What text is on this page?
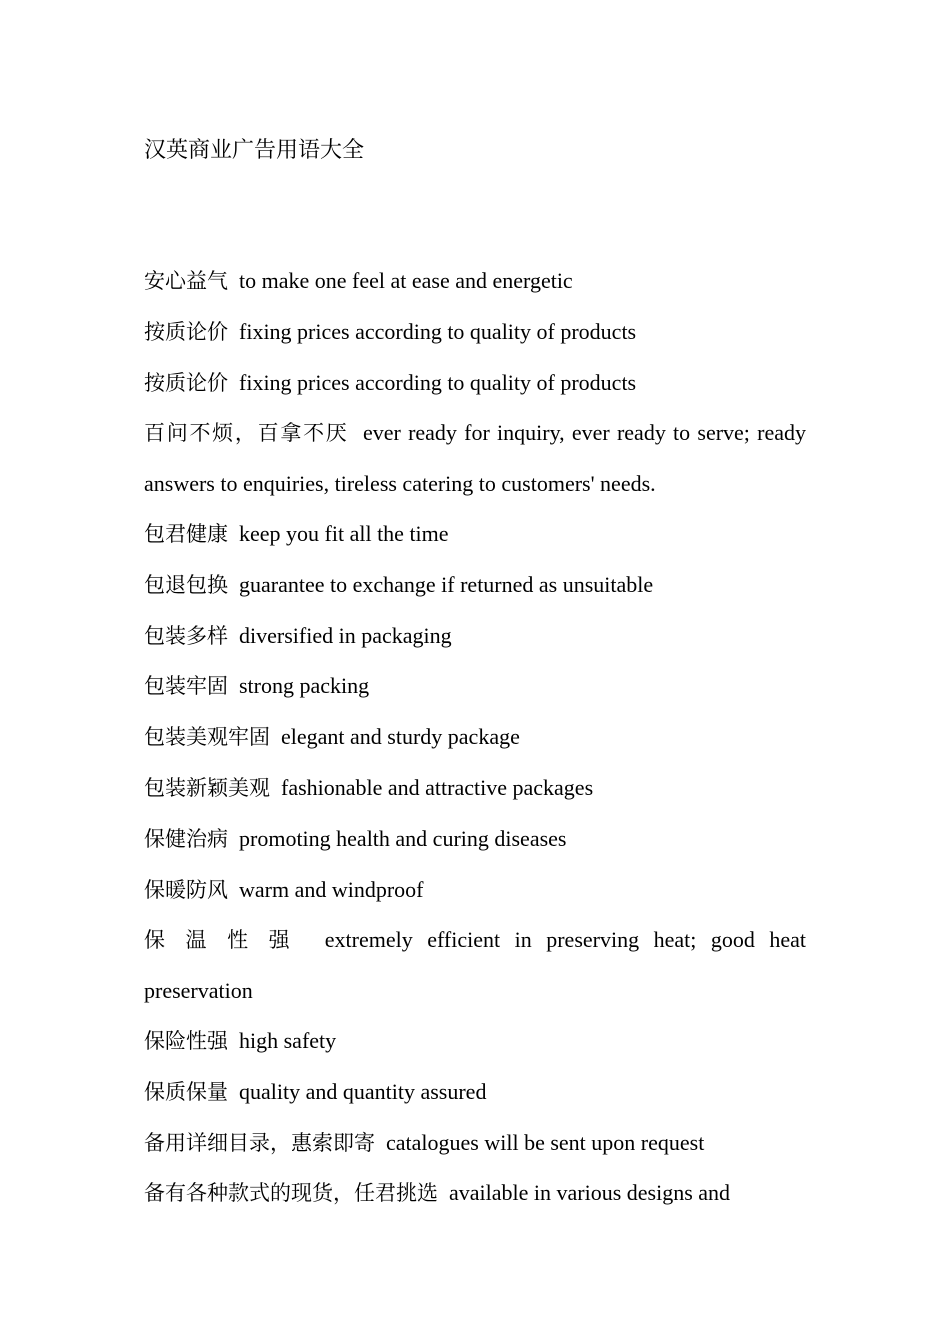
汉英商业广告用语大全
安心益气 to make one feel at ease and energetic
按质论价 fixing prices according to quality of products
按质论价 fixing prices according to quality of products
百问不烦，百拿不厌 ever ready for inquiry, ever ready to serve; ready answers to enquiries, tireless catering to customers' needs.
包君健康 keep you fit all the time
包退包换 guarantee to exchange if returned as unsuitable
包装多样 diversified in packaging
包装牢固 strong packing
包装美观牢固 elegant and sturdy package
包装新颖美观 fashionable and attractive packages
保健治病 promoting health and curing diseases
保暖防风 warm and windproof
保温性强 extremely efficient in preserving heat; good heat preservation
保险性强 high safety
保质保量 quality and quantity assured
备用详细目录，惠索即寄 catalogues will be sent upon request
备有各种款式的现货，任君挑选 available in various designs and
